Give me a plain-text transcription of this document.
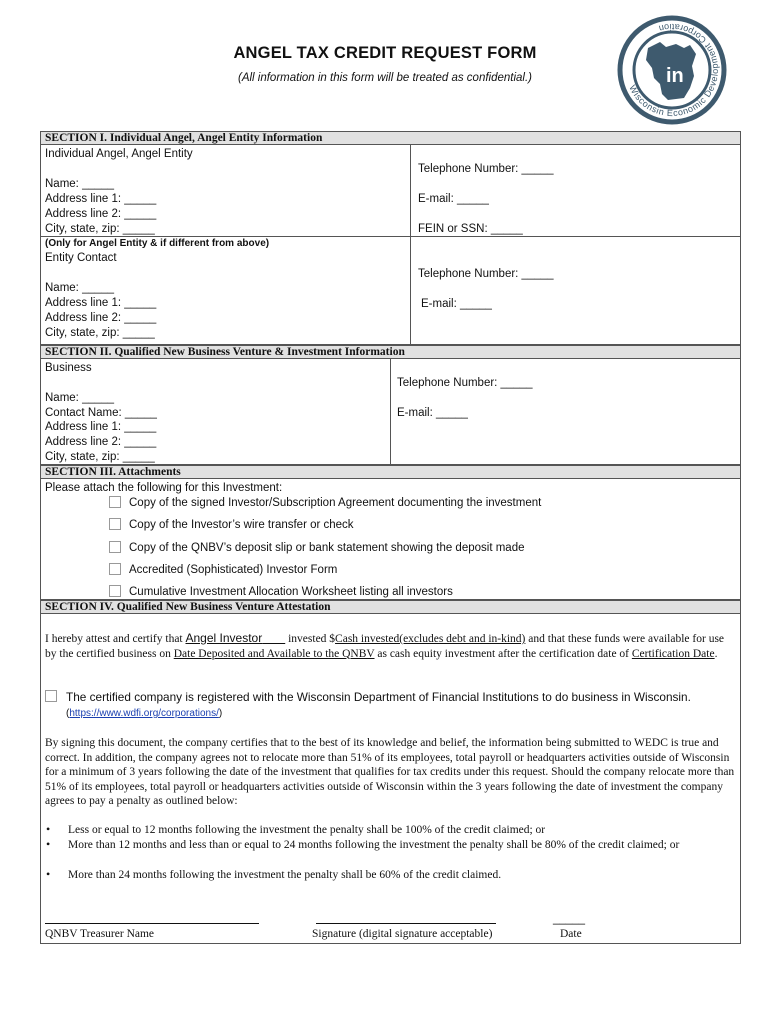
ANGEL TAX CREDIT REQUEST FORM
(All information in this form will be treated as confidential.)	in
Wisconsin Economic Development Corporation
SECTION I. Individual Angel, Angel Entity Information
Individual Angel, Angel Entity
Name: _____
Address line 1: _____
Address line 2: _____
City, state, zip: _____
Telephone Number: _____
E-mail: _____
FEIN or SSN: _____
(Only for Angel Entity & if different from above)
Entity Contact
Name: _____
Address line 1: _____
Address line 2: _____
City, state, zip: _____
Telephone Number: _____
E-mail: _____
SECTION II. Qualified New Business Venture & Investment Information
Business
Name: _____
Contact Name: _____
Address line 1: _____
Address line 2: _____
City, state, zip: _____
Telephone Number: _____
E-mail: _____
SECTION III. Attachments
Please attach the following for this Investment:
Copy of the signed Investor/Subscription Agreement documenting the investment
Copy of the Investor’s wire transfer or check
Copy of the QNBV’s deposit slip or bank statement showing the deposit made
Accredited (Sophisticated) Investor Form
Cumulative Investment Allocation Worksheet listing all investors
SECTION IV. Qualified New Business Venture Attestation
I hereby attest and certify that Angel Investor invested $Cash invested(excludes debt and in-kind) and that these funds were available for use by the certified business on Date Deposited and Available to the QNBV as cash equity investment after the certification date of Certification Date.
The certified company is registered with the Wisconsin Department of Financial Institutions to do business in Wisconsin.
(https://www.wdfi.org/corporations/)
By signing this document, the company certifies that to the best of its knowledge and belief, the information being submitted to WEDC is true and correct. In addition, the company agrees not to relocate more than 51% of its employees, total payroll or headquarters activities outside of Wisconsin for a minimum of 3 years following the date of the investment that qualifies for tax credits under this request. Should the company relocate more than 51% of its employees, total payroll or headquarters activities outside of Wisconsin within the 3 years following the date of investment the company agrees to pay a penalty as outlined below:
• Less or equal to 12 months following the investment the penalty shall be 100% of the credit claimed; or
• More than 12 months and less than or equal to 24 months following the investment the penalty shall be 80% of the credit claimed; or
• More than 24 months following the investment the penalty shall be 60% of the credit claimed.
_____
QNBV Treasurer Name	Signature (digital signature acceptable)	Date
